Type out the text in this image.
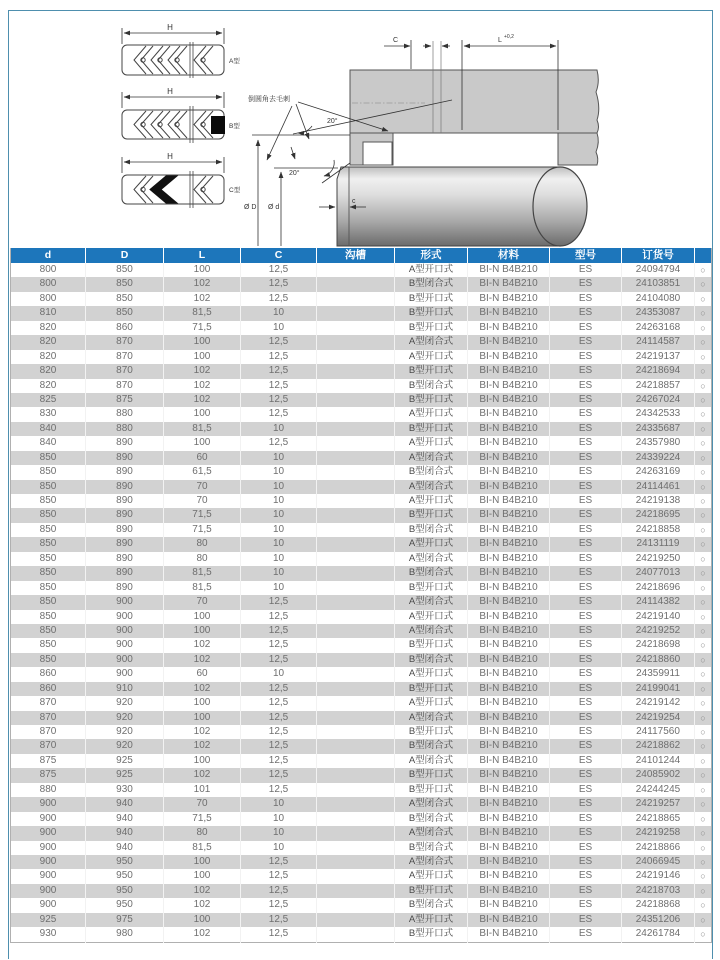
H
A型
H
B型
H
C型
倒圆角去毛刺
20°
20°
Ø D Ø d
C	L +0,2
c
d	D	L	C	沟槽	形式	材料	型号	订货号	
800	850	100	12,5		A型开口式	BI-N B4B210	ES	24094794	○
800	850	102	12,5		B型闭合式	BI-N B4B210	ES	24103851	○
800	850	102	12,5		B型开口式	BI-N B4B210	ES	24104080	○
810	850	81,5	10		B型开口式	BI-N B4B210	ES	24353087	○
820	860	71,5	10		B型开口式	BI-N B4B210	ES	24263168	○
820	870	100	12,5		A型闭合式	BI-N B4B210	ES	24114587	○
820	870	100	12,5		A型开口式	BI-N B4B210	ES	24219137	○
820	870	102	12,5		B型开口式	BI-N B4B210	ES	24218694	○
820	870	102	12,5		B型闭合式	BI-N B4B210	ES	24218857	○
825	875	102	12,5		B型开口式	BI-N B4B210	ES	24267024	○
830	880	100	12,5		A型开口式	BI-N B4B210	ES	24342533	○
840	880	81,5	10		B型开口式	BI-N B4B210	ES	24335687	○
840	890	100	12,5		A型开口式	BI-N B4B210	ES	24357980	○
850	890	60	10		A型闭合式	BI-N B4B210	ES	24339224	○
850	890	61,5	10		B型闭合式	BI-N B4B210	ES	24263169	○
850	890	70	10		A型闭合式	BI-N B4B210	ES	24114461	○
850	890	70	10		A型开口式	BI-N B4B210	ES	24219138	○
850	890	71,5	10		B型开口式	BI-N B4B210	ES	24218695	○
850	890	71,5	10		B型闭合式	BI-N B4B210	ES	24218858	○
850	890	80	10		A型开口式	BI-N B4B210	ES	24131119	○
850	890	80	10		A型闭合式	BI-N B4B210	ES	24219250	○
850	890	81,5	10		B型闭合式	BI-N B4B210	ES	24077013	○
850	890	81,5	10		B型开口式	BI-N B4B210	ES	24218696	○
850	900	70	12,5		A型闭合式	BI-N B4B210	ES	24114382	○
850	900	100	12,5		A型开口式	BI-N B4B210	ES	24219140	○
850	900	100	12,5		A型闭合式	BI-N B4B210	ES	24219252	○
850	900	102	12,5		B型开口式	BI-N B4B210	ES	24218698	○
850	900	102	12,5		B型闭合式	BI-N B4B210	ES	24218860	○
860	900	60	10		A型开口式	BI-N B4B210	ES	24359911	○
860	910	102	12,5		B型开口式	BI-N B4B210	ES	24199041	○
870	920	100	12,5		A型开口式	BI-N B4B210	ES	24219142	○
870	920	100	12,5		A型闭合式	BI-N B4B210	ES	24219254	○
870	920	102	12,5		B型开口式	BI-N B4B210	ES	24117560	○
870	920	102	12,5		B型闭合式	BI-N B4B210	ES	24218862	○
875	925	100	12,5		A型闭合式	BI-N B4B210	ES	24101244	○
875	925	102	12,5		B型开口式	BI-N B4B210	ES	24085902	○
880	930	101	12,5		B型开口式	BI-N B4B210	ES	24244245	○
900	940	70	10		A型闭合式	BI-N B4B210	ES	24219257	○
900	940	71,5	10		B型闭合式	BI-N B4B210	ES	24218865	○
900	940	80	10		A型闭合式	BI-N B4B210	ES	24219258	○
900	940	81,5	10		B型闭合式	BI-N B4B210	ES	24218866	○
900	950	100	12,5		A型闭合式	BI-N B4B210	ES	24066945	○
900	950	100	12,5		A型开口式	BI-N B4B210	ES	24219146	○
900	950	102	12,5		B型开口式	BI-N B4B210	ES	24218703	○
900	950	102	12,5		B型闭合式	BI-N B4B210	ES	24218868	○
925	975	100	12,5		A型开口式	BI-N B4B210	ES	24351206	○
930	980	102	12,5		B型开口式	BI-N B4B210	ES	24261784	○
